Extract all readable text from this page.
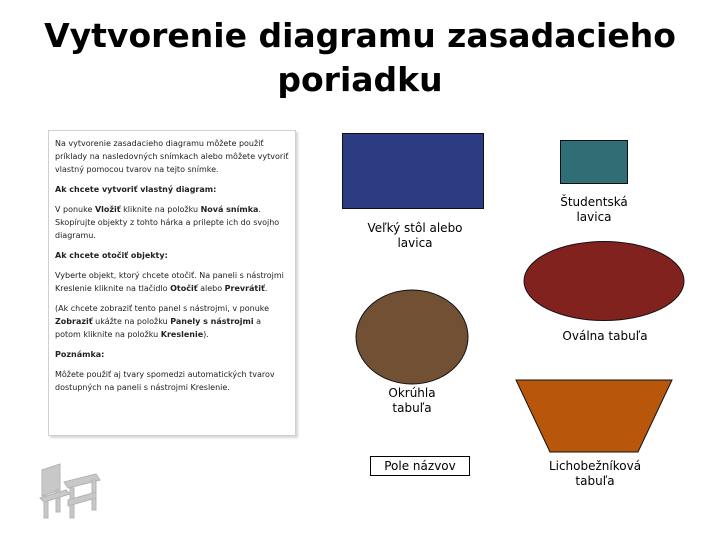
Vytvorenie diagramu zasadacieho
poriadku

Na vytvorenie zasadacieho diagramu môžete použiť príklady na nasledovných snímkach alebo môžete vytvoriť vlastný pomocou tvarov na tejto snímke.

Ak chcete vytvoriť vlastný diagram:

V ponuke Vložiť kliknite na položku Nová snímka. Skopírujte objekty z tohto hárka a prilepte ich do svojho diagramu.

Ak chcete otočiť objekty:

Vyberte objekt, ktorý chcete otočiť. Na paneli s nástrojmi Kreslenie kliknite na tlačidlo Otočiť alebo Prevrátiť.

(Ak chcete zobraziť tento panel s nástrojmi, v ponuke Zobraziť ukážte na položku Panely s nástrojmi a potom kliknite na položku Kreslenie).

Poznámka:

Môžete použiť aj tvary spomedzi automatických tvarov dostupných na paneli s nástrojmi Kreslenie.

Veľký stôl alebo
lavica
Študentská
lavica
Oválna tabuľa
Okrúhla
tabuľa
Lichobežníková
tabuľa
Pole názvov
